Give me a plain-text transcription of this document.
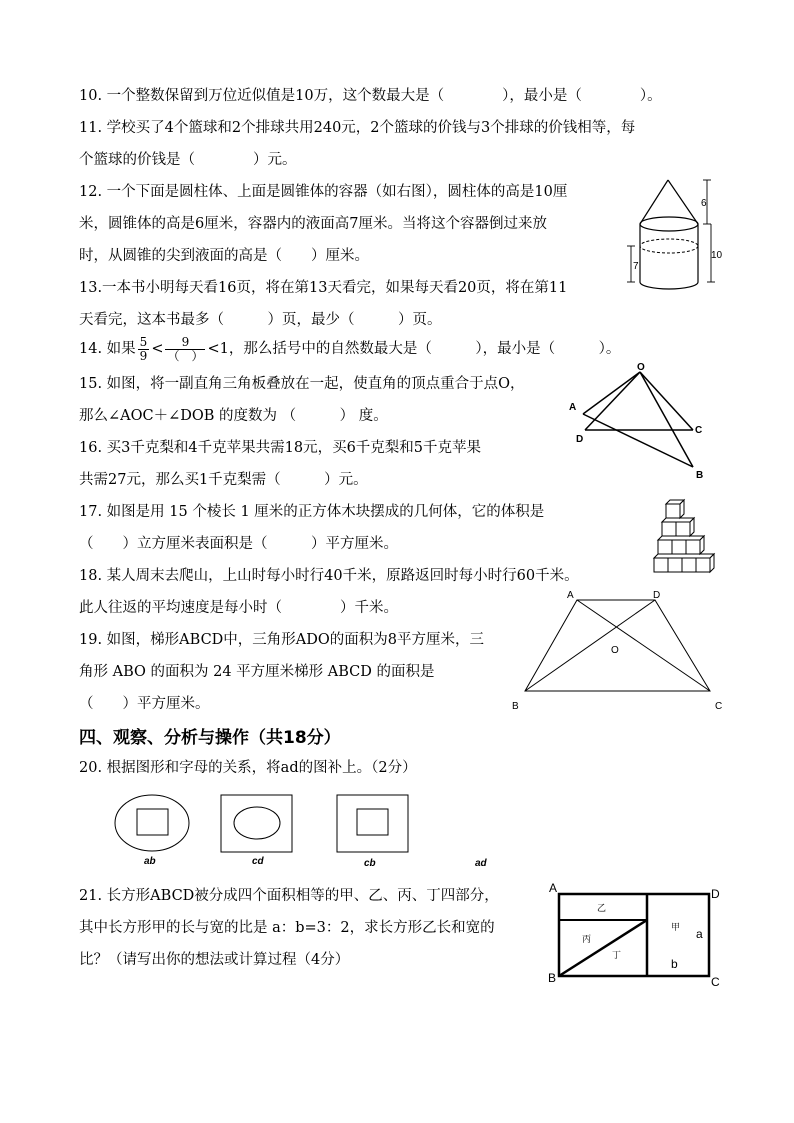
10. 一个整数保留到万位近似值是10万，这个数最大是（　　　　），最小是（　　　　）。
11. 学校买了4个篮球和2个排球共用240元，2个篮球的价钱与3个排球的价钱相等，每
个篮球的价钱是（　　　　）元。
12. 一个下面是圆柱体、上面是圆锥体的容器（如右图），圆柱体的高是10厘
米，圆锥体的高是6厘米，容器内的液面高7厘米。当将这个容器倒过来放
时，从圆锥的尖到液面的高是（　　）厘米。
6
10
7
13.一本书小明每天看16页，将在第13天看完，如果每天看20页，将在第11
天看完，这本书最多（　　　）页，最少（　　　）页。
14. 如果 $\frac{5}{9} < \frac{9}{( )} <1$，那么括号中的自然数最大是（　　　），最小是（　　　）。
15. 如图，将一副直角三角板叠放在一起，使直角的顶点重合于点O，
那么∠AOC＋∠DOB 的度数为 （　　　） 度。
O
A
D
C
B
16. 买3千克梨和4千克苹果共需18元，买6千克梨和5千克苹果
共需27元，那么买1千克梨需（　　　）元。
17. 如图是用 15 个棱长 1 厘米的正方体木块摆成的几何体，它的体积是
（　　）立方厘米表面积是（　　　）平方厘米。
18. 某人周末去爬山，上山时每小时行40千米，原路返回时每小时行60千米。
此人往返的平均速度是每小时（　　　　）千米。
19. 如图，梯形ABCD中，三角形ADO的面积为8平方厘米，三
角形 ABO 的面积为 24 平方厘米梯形 ABCD 的面积是
（　　）平方厘米。
A	D
O
B	C
四、观察、分析与操作（共18分）
20. 根据图形和字母的关系，将ad的图补上。（2分）
ab	cd	cb	ad
21. 长方形ABCD被分成四个面积相等的甲、乙、丙、丁四部分，
其中长方形甲的长与宽的比是 a：b=3：2，求长方形乙长和宽的
比？（请写出你的想法或计算过程（4分）
A	D
B	C
乙
丙
丁
甲 a
b
